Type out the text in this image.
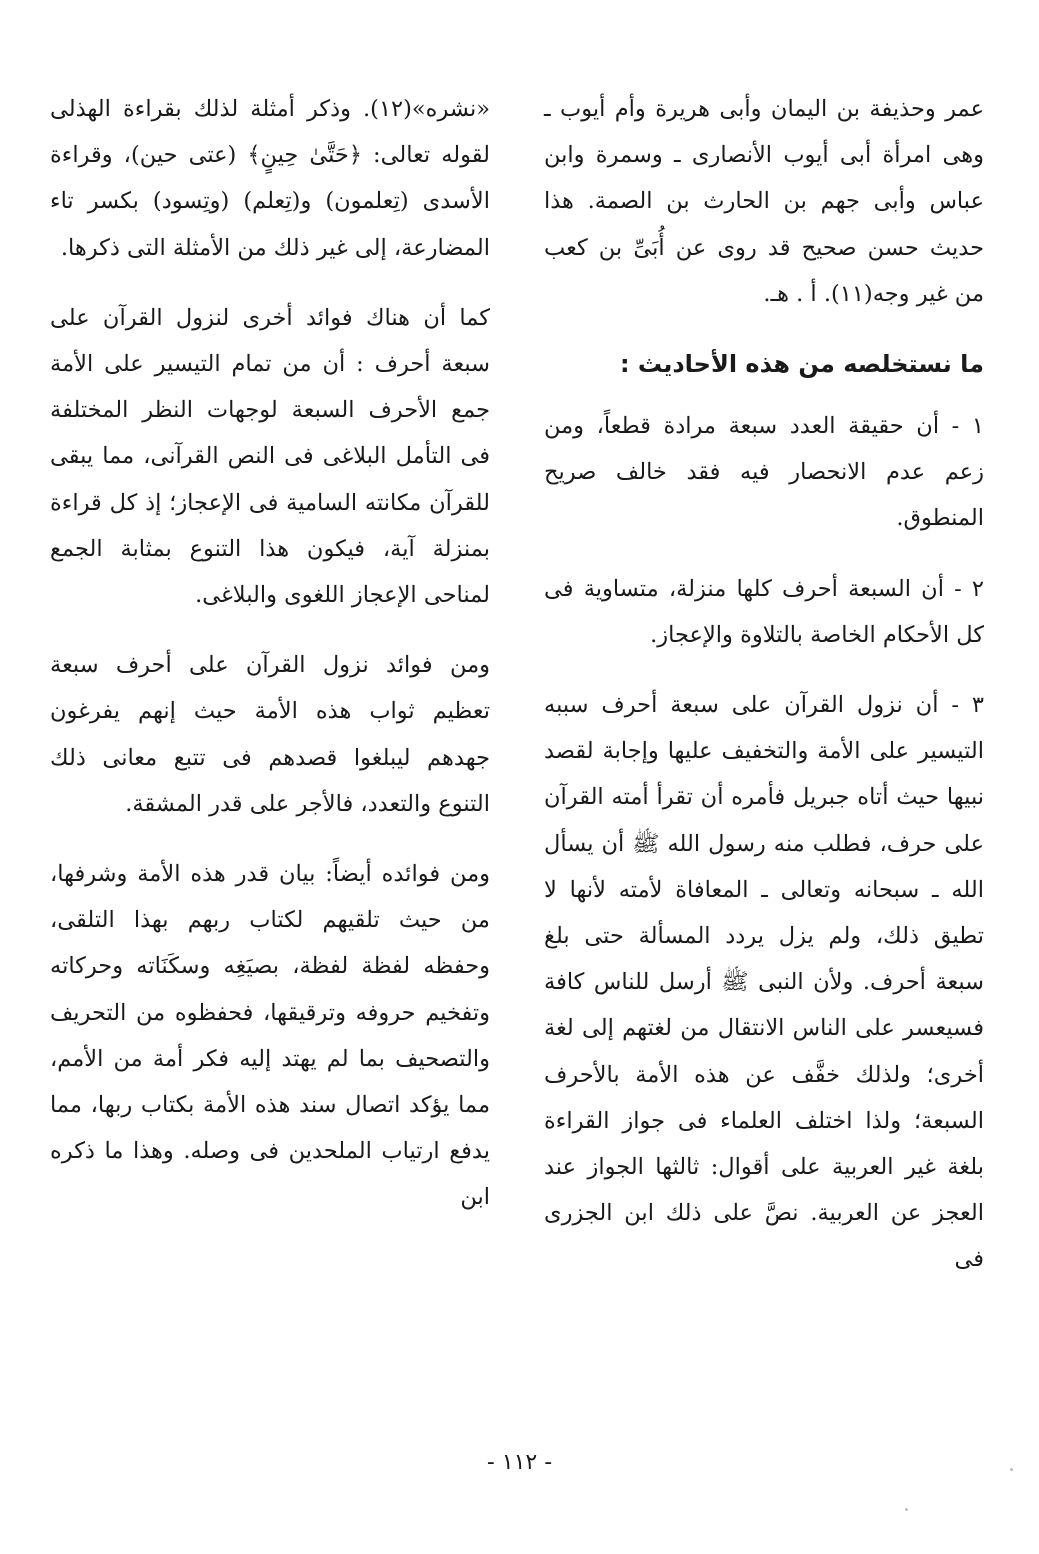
عمر وحذيفة بن اليمان وأبى هريرة وأم أيوب ـ وهى امرأة أبى أيوب الأنصارى ـ وسمرة وابن عباس وأبى جهم بن الحارث بن الصمة. هذا حديث حسن صحيح قد روى عن أُبَىِّ بن كعب من غير وجه(١١). أ . هـ.

ما نستخلصه من هذه الأحاديث :

١ - أن حقيقة العدد سبعة مرادة قطعاً، ومن زعم عدم الانحصار فيه فقد خالف صريح المنطوق.

٢ - أن السبعة أحرف كلها منزلة، متساوية فى كل الأحكام الخاصة بالتلاوة والإعجاز.

٣ - أن نزول القرآن على سبعة أحرف سببه التيسير على الأمة والتخفيف عليها وإجابة لقصد نبيها حيث أتاه جبريل فأمره أن تقرأ أمته القرآن على حرف، فطلب منه رسول الله ﷺ أن يسأل الله ـ سبحانه وتعالى ـ المعافاة لأمته لأنها لا تطيق ذلك، ولم يزل يردد المسألة حتى بلغ سبعة أحرف. ولأن النبى ﷺ أرسل للناس كافة فسيعسر على الناس الانتقال من لغتهم إلى لغة أخرى؛ ولذلك خفَّف عن هذه الأمة بالأحرف السبعة؛ ولذا اختلف العلماء فى جواز القراءة بلغة غير العربية على أقوال: ثالثها الجواز عند العجز عن العربية. نصَّ على ذلك ابن الجزرى فى

«نشره»(١٢). وذكر أمثلة لذلك بقراءة الهذلى لقوله تعالى: ﴿حَتَّىٰ حِينٍ﴾ (عتى حين)، وقراءة الأسدى (تِعلمون) و(تِعلم) (وتِسود) بكسر تاء المضارعة، إلى غير ذلك من الأمثلة التى ذكرها.

كما أن هناك فوائد أخرى لنزول القرآن على سبعة أحرف : أن من تمام التيسير على الأمة جمع الأحرف السبعة لوجهات النظر المختلفة فى التأمل البلاغى فى النص القرآنى، مما يبقى للقرآن مكانته السامية فى الإعجاز؛ إذ كل قراءة بمنزلة آية، فيكون هذا التنوع بمثابة الجمع لمناحى الإعجاز اللغوى والبلاغى.

ومن فوائد نزول القرآن على أحرف سبعة تعظيم ثواب هذه الأمة حيث إنهم يفرغون جهدهم ليبلغوا قصدهم فى تتبع معانى ذلك التنوع والتعدد، فالأجر على قدر المشقة.

ومن فوائده أيضاً: بيان قدر هذه الأمة وشرفها، من حيث تلقيهم لكتاب ربهم بهذا التلقى، وحفظه لفظة لفظة، بصيَغِه وسكَنَاته وحركاته وتفخيم حروفه وترقيقها، فحفظوه من التحريف والتصحيف بما لم يهتد إليه فكر أمة من الأمم، مما يؤكد اتصال سند هذه الأمة بكتاب ربها، مما يدفع ارتياب الملحدين فى وصله. وهذا ما ذكره ابن

- ١١٢ -
